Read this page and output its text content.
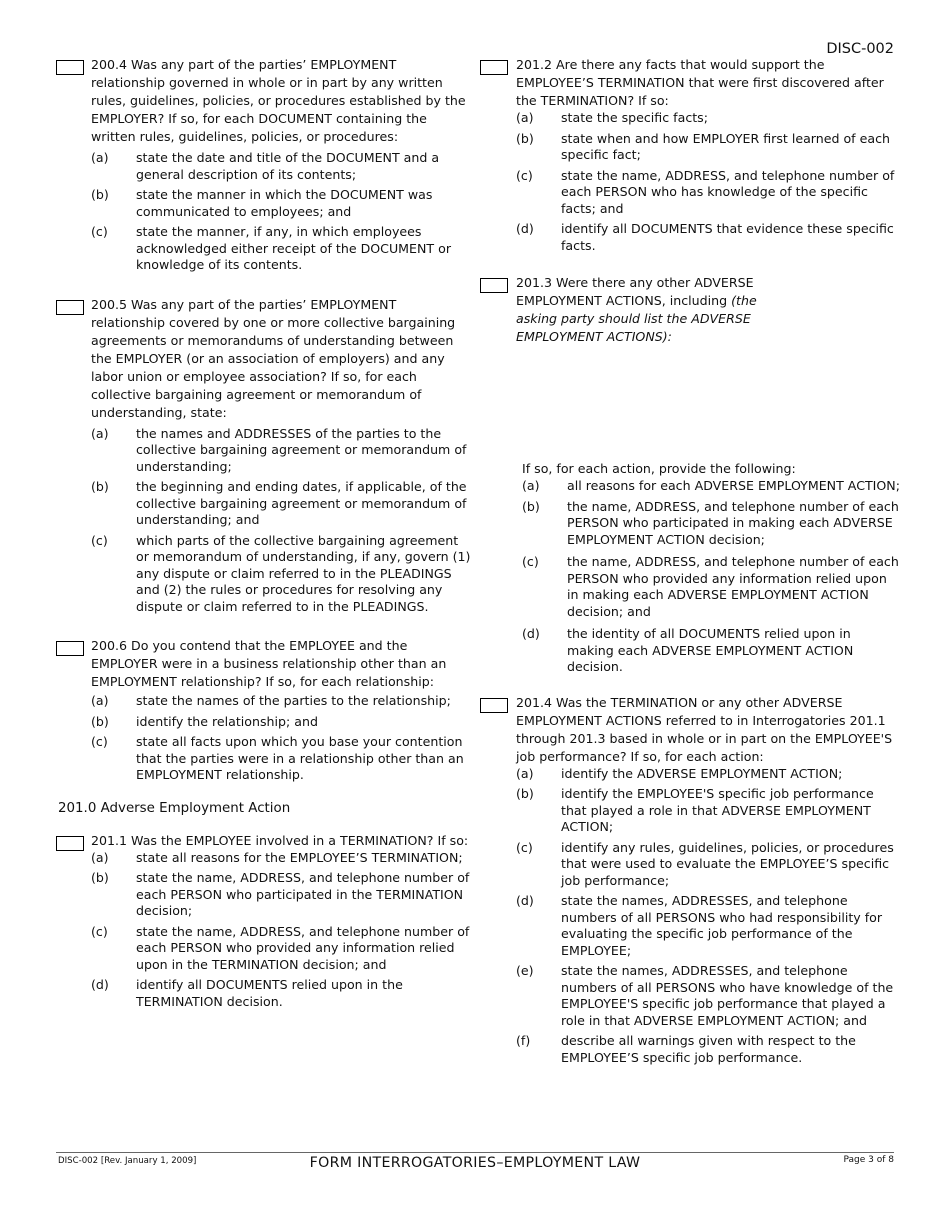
DISC-002
200.4 Was any part of the parties’ EMPLOYMENT relationship governed in whole or in part by any written rules, guidelines, policies, or procedures established by the EMPLOYER? If so, for each DOCUMENT containing the written rules, guidelines, policies, or procedures:
(a)	state the date and title of the DOCUMENT and a general description of its contents;
(b)	state the manner in which the DOCUMENT was communicated to employees; and
(c)	state the manner, if any, in which employees acknowledged either receipt of the DOCUMENT or knowledge of its contents.
200.5 Was any part of the parties’ EMPLOYMENT relationship covered by one or more collective bargaining agreements or memorandums of understanding between the EMPLOYER (or an association of employers) and any labor union or employee association? If so, for each collective bargaining agreement or memorandum of understanding, state:
(a)	the names and ADDRESSES of the parties to the collective bargaining agreement or memorandum of understanding;
(b)	the beginning and ending dates, if applicable, of the collective bargaining agreement or memorandum of understanding; and
(c)	which parts of the collective bargaining agreement or memorandum of understanding, if any, govern (1) any dispute or claim referred to in the PLEADINGS and (2) the rules or procedures for resolving any dispute or claim referred to in the PLEADINGS.
200.6 Do you contend that the EMPLOYEE and the EMPLOYER were in a business relationship other than an EMPLOYMENT relationship? If so, for each relationship:
(a)	state the names of the parties to the relationship;
(b)	identify the relationship; and
(c)	state all facts upon which you base your contention that the parties were in a relationship other than an EMPLOYMENT relationship.
201.0 Adverse Employment Action
201.1 Was the EMPLOYEE involved in a TERMINATION? If so:
(a)	state all reasons for the EMPLOYEE’S TERMINATION;
(b)	state the name, ADDRESS, and telephone number of each PERSON who participated in the TERMINATION decision;
(c)	state the name, ADDRESS, and telephone number of each PERSON who provided any information relied upon in the TERMINATION decision; and
(d)	identify all DOCUMENTS relied upon in the TERMINATION decision.
201.2 Are there any facts that would support the EMPLOYEE’S TERMINATION that were first discovered after the TERMINATION? If so:
(a)	state the specific facts;
(b)	state when and how EMPLOYER first learned of each specific fact;
(c)	state the name, ADDRESS, and telephone number of each PERSON who has knowledge of the specific facts; and
(d)	identify all DOCUMENTS that evidence these specific facts.
201.3 Were there any other ADVERSE EMPLOYMENT ACTIONS, including (the asking party should list the ADVERSE EMPLOYMENT ACTIONS):
If so, for each action, provide the following:
(a)	all reasons for each ADVERSE EMPLOYMENT ACTION;
(b)	the name, ADDRESS, and telephone number of each PERSON who participated in making each ADVERSE EMPLOYMENT ACTION decision;
(c)	the name, ADDRESS, and telephone number of each PERSON who provided any information relied upon in making each ADVERSE EMPLOYMENT ACTION decision; and
(d)	the identity of all DOCUMENTS relied upon in making each ADVERSE EMPLOYMENT ACTION decision.
201.4 Was the TERMINATION or any other ADVERSE EMPLOYMENT ACTIONS referred to in Interrogatories 201.1 through 201.3 based in whole or in part on the EMPLOYEE'S job performance? If so, for each action:
(a)	identify the ADVERSE EMPLOYMENT ACTION;
(b)	identify the EMPLOYEE'S specific job performance that played a role in that ADVERSE EMPLOYMENT ACTION;
(c)	identify any rules, guidelines, policies, or procedures that were used to evaluate the EMPLOYEE’S specific job performance;
(d)	state the names, ADDRESSES, and telephone numbers of all PERSONS who had responsibility for evaluating the specific job performance of the EMPLOYEE;
(e)	state the names, ADDRESSES, and telephone numbers of all PERSONS who have knowledge of the EMPLOYEE'S specific job performance that played a role in that ADVERSE EMPLOYMENT ACTION; and
(f)	describe all warnings given with respect to the EMPLOYEE’S specific job performance.
DISC-002 [Rev. January 1, 2009]	FORM INTERROGATORIES–EMPLOYMENT LAW	Page 3 of 8
